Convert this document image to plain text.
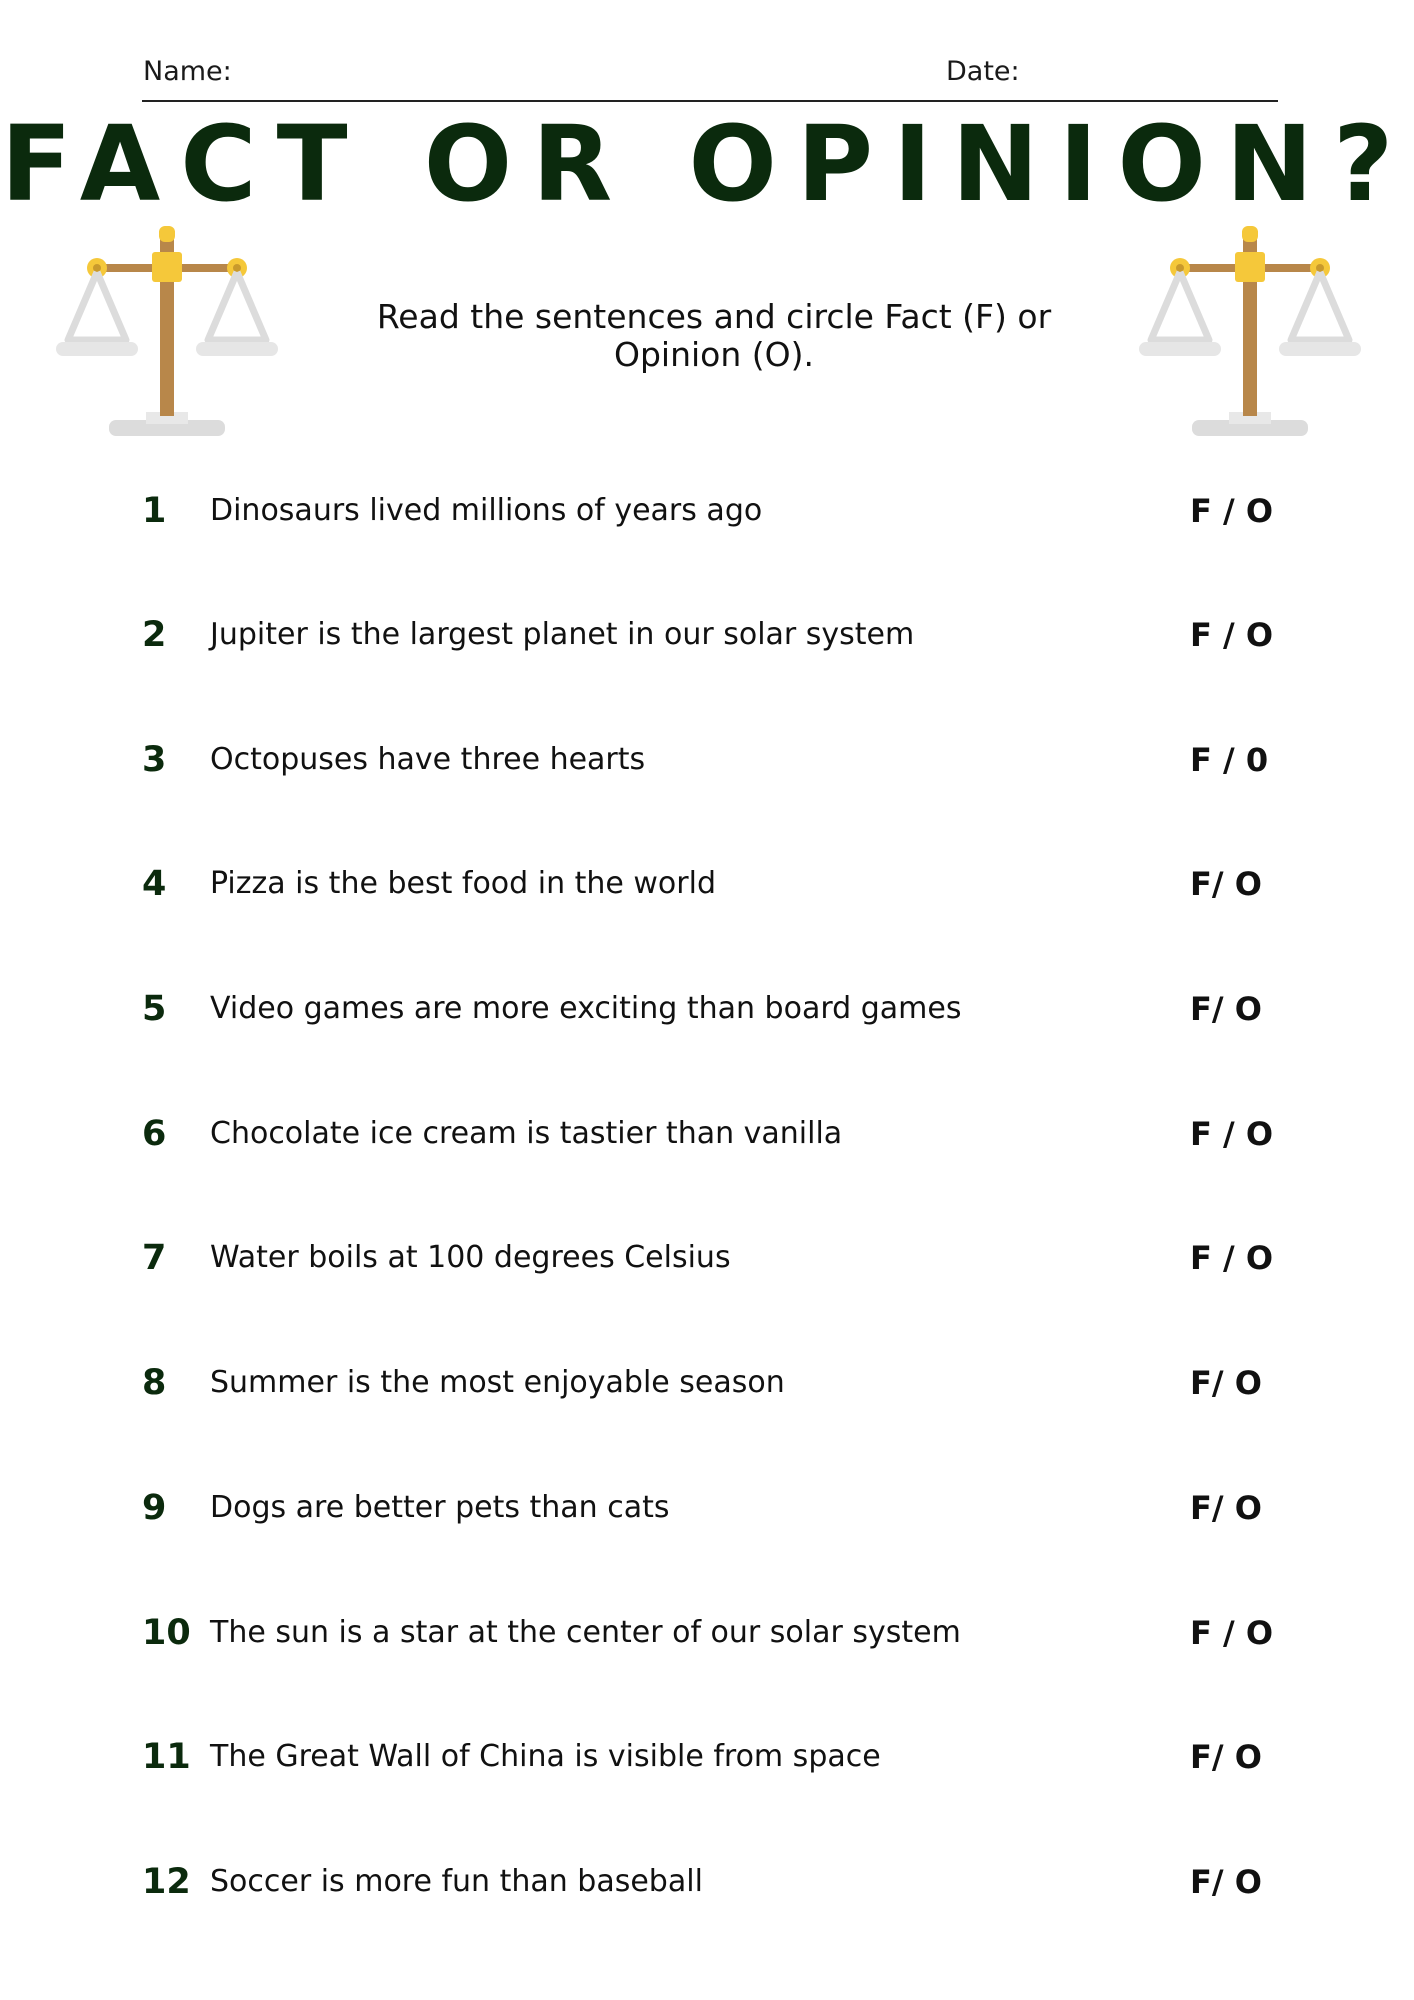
Name:	Date:
FACT OR OPINION?
Read the sentences and circle Fact (F) or Opinion (O).
1 Dinosaurs lived millions of years ago	F / O
2 Jupiter is the largest planet in our solar system	F / O
3 Octopuses have three hearts	F / 0
4 Pizza is the best food in the world	F/ O
5 Video games are more exciting than board games	F/ O
6 Chocolate ice cream is tastier than vanilla	F / O
7 Water boils at 100 degrees Celsius	F / O
8 Summer is the most enjoyable season	F/ O
9 Dogs are better pets than cats	F/ O
10 The sun is a star at the center of our solar system	F / O
11 The Great Wall of China is visible from space	F/ O
12 Soccer is more fun than baseball	F/ O
